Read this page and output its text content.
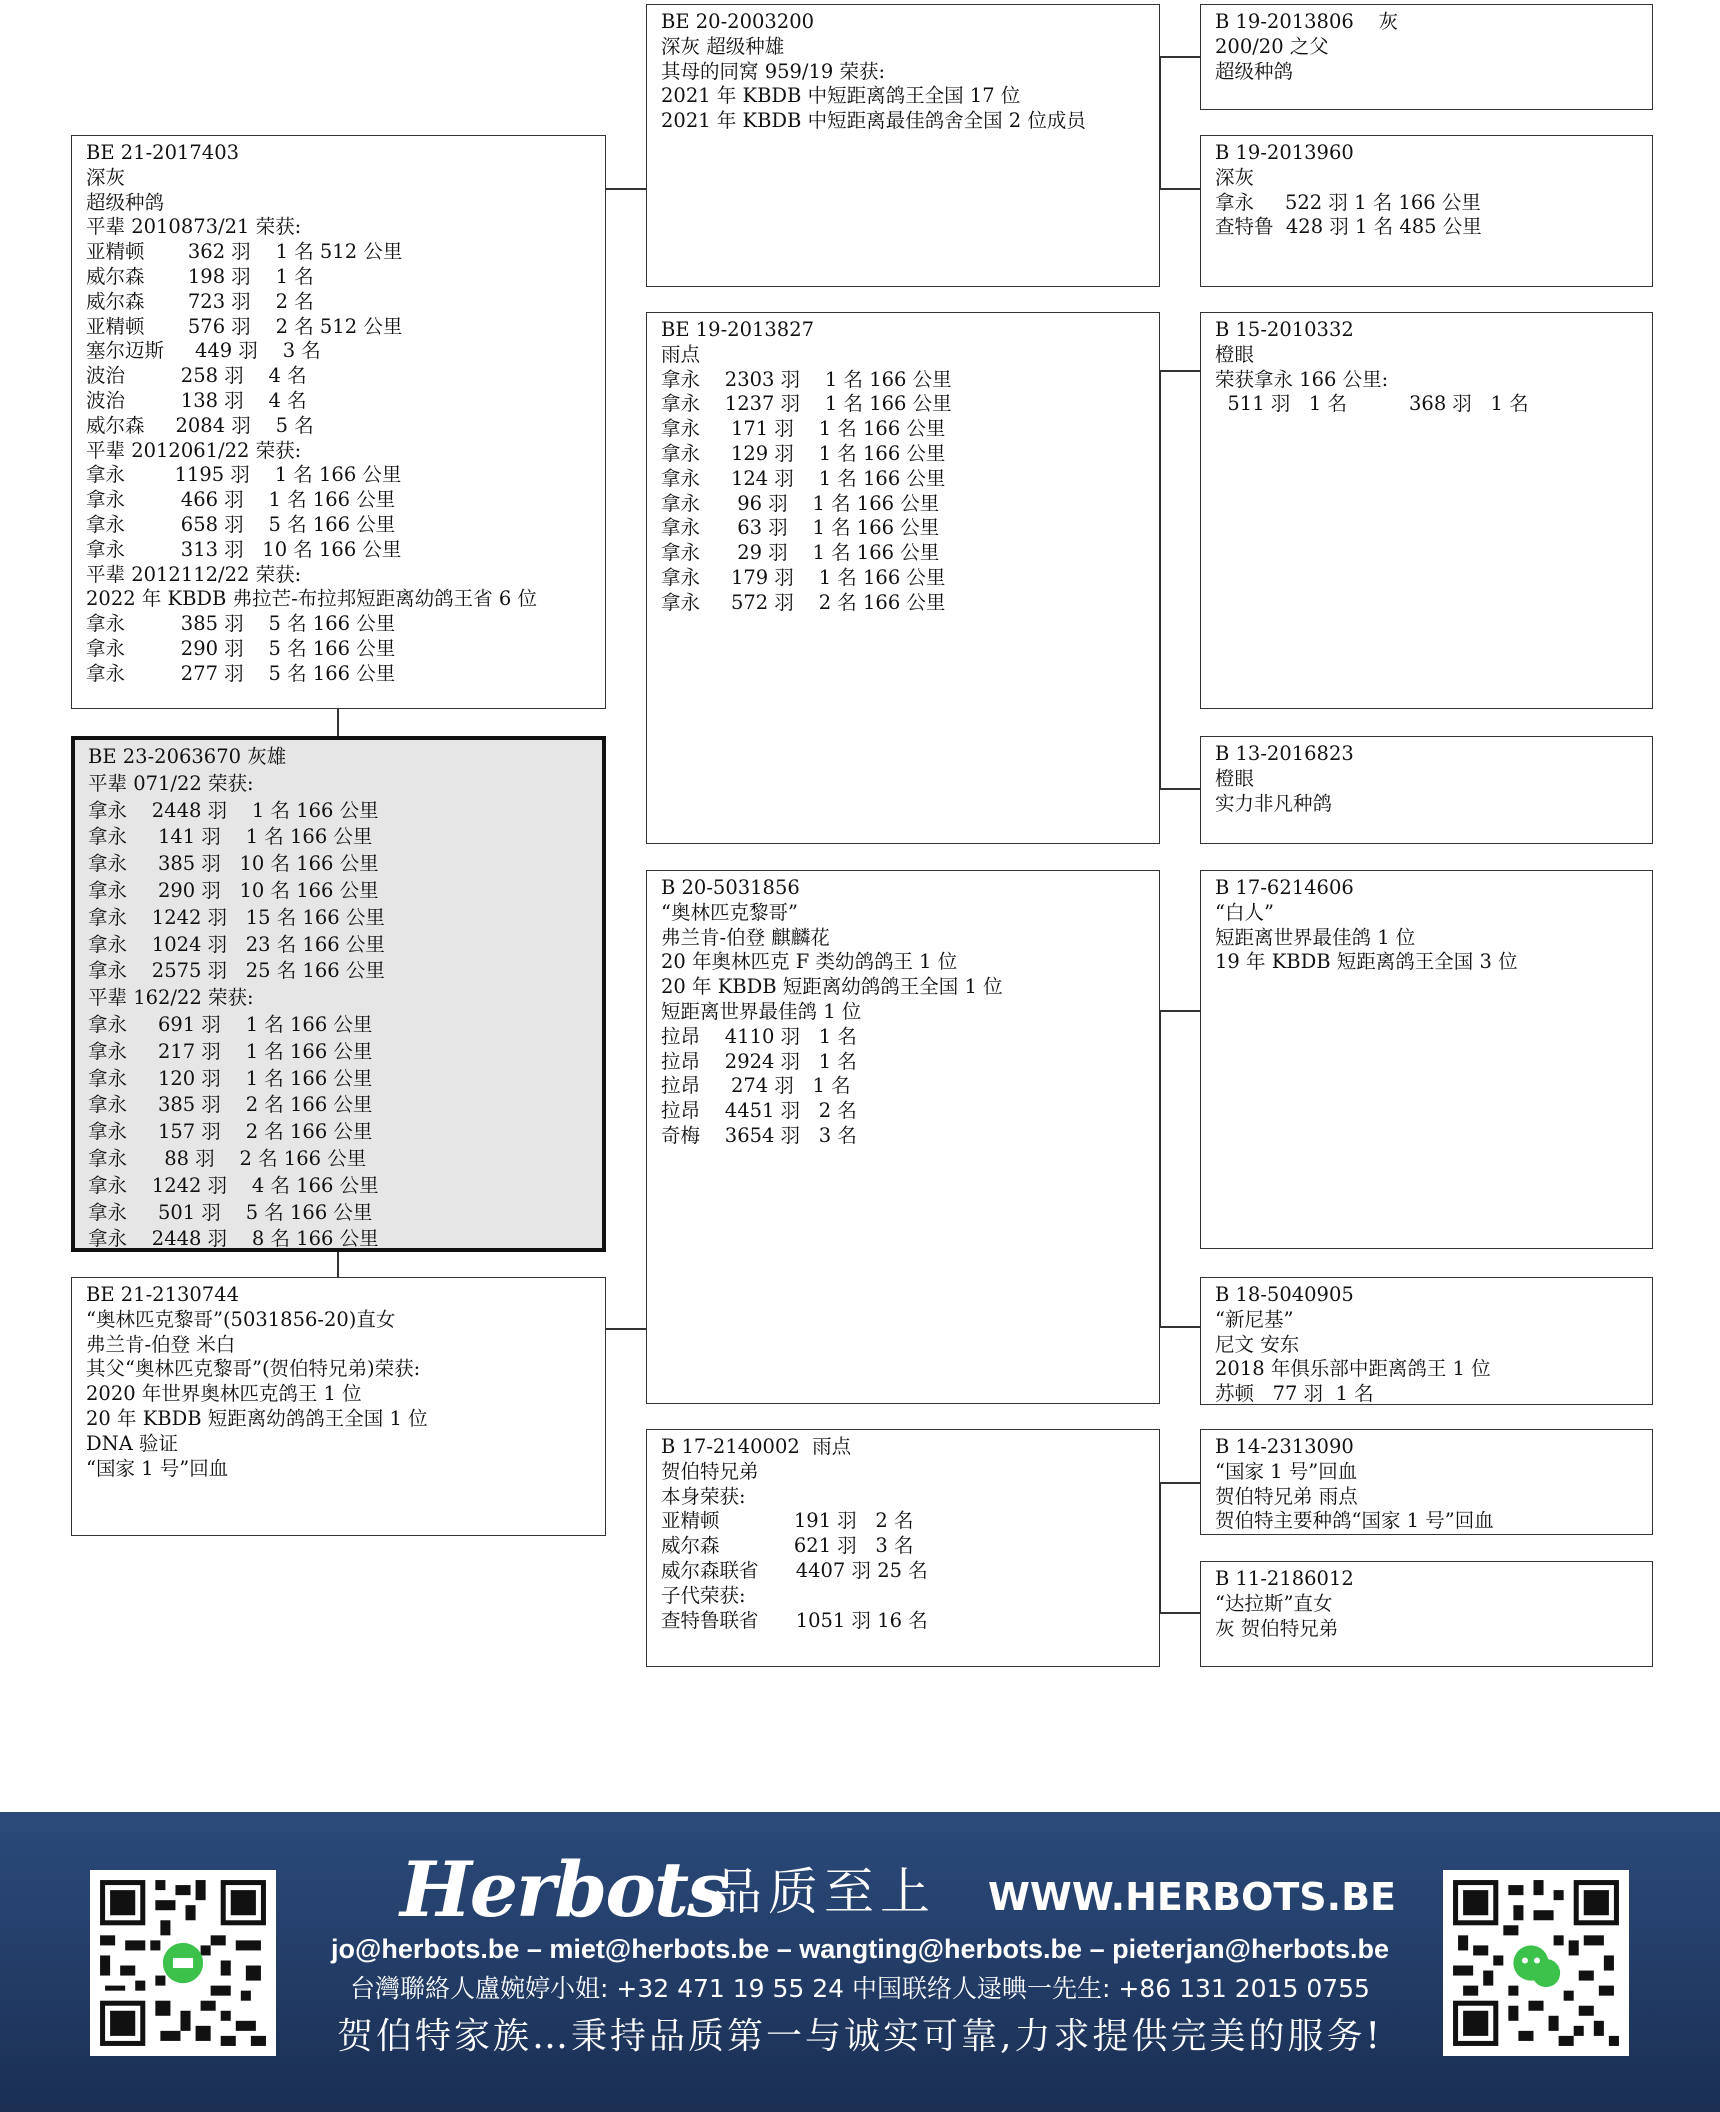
BE 21-2017403
深灰
超级种鸽
平辈 2010873/21 荣获:
亚精顿       362 羽    1 名 512 公里
威尔森       198 羽    1 名
威尔森       723 羽    2 名
亚精顿       576 羽    2 名 512 公里
塞尔迈斯     449 羽    3 名
波治         258 羽    4 名
波治         138 羽    4 名
威尔森     2084 羽    5 名
平辈 2012061/22 荣获:
拿永        1195 羽    1 名 166 公里
拿永         466 羽    1 名 166 公里
拿永         658 羽    5 名 166 公里
拿永         313 羽   10 名 166 公里
平辈 2012112/22 荣获:
2022 年 KBDB 弗拉芒-布拉邦短距离幼鸽王省 6 位
拿永         385 羽    5 名 166 公里
拿永         290 羽    5 名 166 公里
拿永         277 羽    5 名 166 公里
BE 23-2063670 灰雄
平辈 071/22 荣获:
拿永    2448 羽    1 名 166 公里
拿永     141 羽    1 名 166 公里
拿永     385 羽   10 名 166 公里
拿永     290 羽   10 名 166 公里
拿永    1242 羽   15 名 166 公里
拿永    1024 羽   23 名 166 公里
拿永    2575 羽   25 名 166 公里
平辈 162/22 荣获:
拿永     691 羽    1 名 166 公里
拿永     217 羽    1 名 166 公里
拿永     120 羽    1 名 166 公里
拿永     385 羽    2 名 166 公里
拿永     157 羽    2 名 166 公里
拿永      88 羽    2 名 166 公里
拿永    1242 羽    4 名 166 公里
拿永     501 羽    5 名 166 公里
拿永    2448 羽    8 名 166 公里
BE 21-2130744
“奥林匹克黎哥”(5031856-20)直女
弗兰肯-伯登 米白
其父“奥林匹克黎哥”(贺伯特兄弟)荣获:
2020 年世界奥林匹克鸽王 1 位
20 年 KBDB 短距离幼鸽鸽王全国 1 位
DNA 验证
“国家 1 号”回血
BE 20-2003200
深灰 超级种雄
其母的同窝 959/19 荣获:
2021 年 KBDB 中短距离鸽王全国 17 位
2021 年 KBDB 中短距离最佳鸽舍全国 2 位成员
BE 19-2013827
雨点
拿永    2303 羽    1 名 166 公里
拿永    1237 羽    1 名 166 公里
拿永     171 羽    1 名 166 公里
拿永     129 羽    1 名 166 公里
拿永     124 羽    1 名 166 公里
拿永      96 羽    1 名 166 公里
拿永      63 羽    1 名 166 公里
拿永      29 羽    1 名 166 公里
拿永     179 羽    1 名 166 公里
拿永     572 羽    2 名 166 公里
B 20-5031856
“奥林匹克黎哥”
弗兰肯-伯登 麒麟花
20 年奥林匹克 F 类幼鸽鸽王 1 位
20 年 KBDB 短距离幼鸽鸽王全国 1 位
短距离世界最佳鸽 1 位
拉昂    4110 羽   1 名
拉昂    2924 羽   1 名
拉昂     274 羽   1 名
拉昂    4451 羽   2 名
奇梅    3654 羽   3 名
B 17-2140002  雨点
贺伯特兄弟
本身荣获:
亚精顿            191 羽   2 名
威尔森            621 羽   3 名
威尔森联省      4407 羽 25 名
子代荣获:
查特鲁联省      1051 羽 16 名
B 19-2013806    灰
200/20 之父
超级种鸽
B 19-2013960
深灰
拿永     522 羽 1 名 166 公里
查特鲁  428 羽 1 名 485 公里
B 15-2010332
橙眼
荣获拿永 166 公里:
511 羽   1 名          368 羽   1 名
B 13-2016823
橙眼
实力非凡种鸽
B 17-6214606
“白人”
短距离世界最佳鸽 1 位
19 年 KBDB 短距离鸽王全国 3 位
B 18-5040905
“新尼基”
尼文 安东
2018 年俱乐部中距离鸽王 1 位
苏顿   77 羽  1 名
B 14-2313090
“国家 1 号”回血
贺伯特兄弟 雨点
贺伯特主要种鸽“国家 1 号”回血
B 11-2186012
“达拉斯”直女
灰 贺伯特兄弟
Herbots
品质至上 WWW.HERBOTS.BE
jo@herbots.be – miet@herbots.be – wangting@herbots.be – pieterjan@herbots.be
台灣聯絡人盧婉婷小姐: +32 471 19 55 24 中国联络人逯晪一先生: +86 131 2015 0755
贺伯特家族…秉持品质第一与诚实可靠,力求提供完美的服务!
